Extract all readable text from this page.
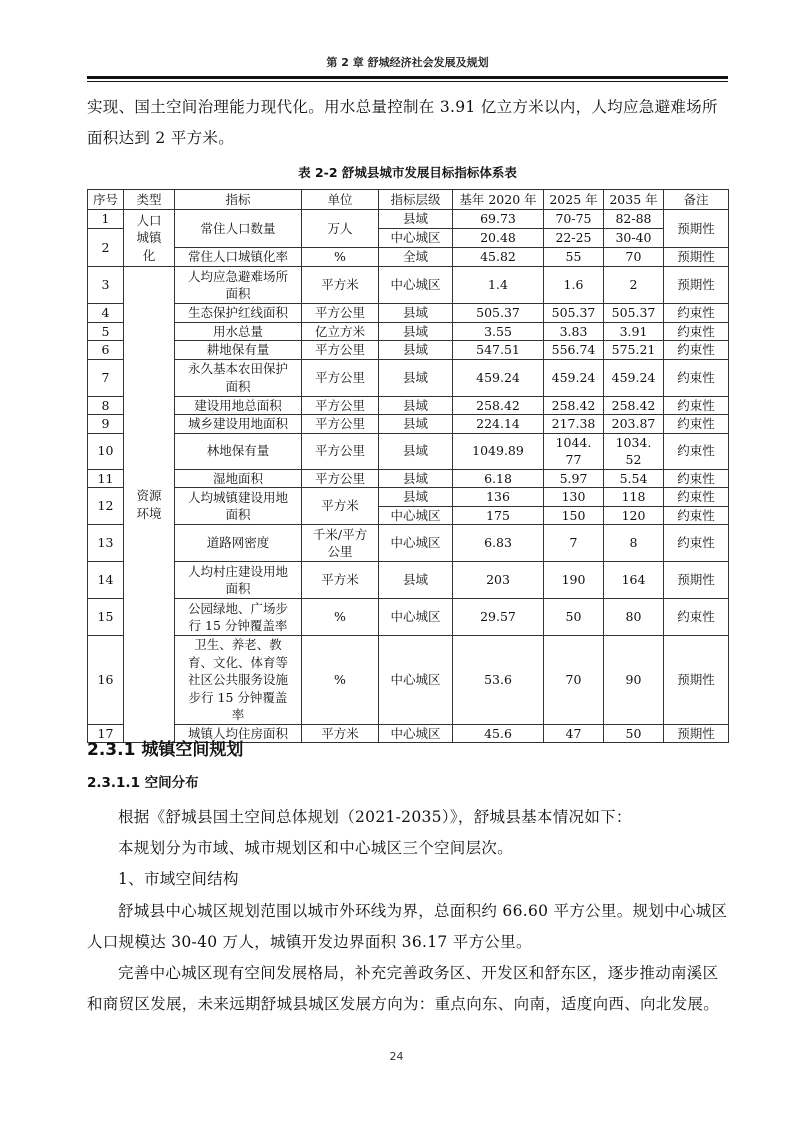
第 2 章 舒城经济社会发展及规划
实现、国土空间治理能力现代化。用水总量控制在 3.91 亿立方米以内，人均应急避难场所
面积达到 2 平方米。
表 2-2 舒城县城市发展目标指标体系表
序号	类型	指标	单位	指标层级	基年 2020 年	2025 年	2035 年	备注
1	人口城镇化	常住人口数量	万人	县域	69.73	70-75	82-88	预期性
2				中心城区	20.48	22-25	30-40	
		常住人口城镇化率	%	全域	45.82	55	70	预期性
3	资源环境	人均应急避难场所面积	平方米	中心城区	1.4	1.6	2	预期性
4		生态保护红线面积	平方公里	县域	505.37	505.37	505.37	约束性
5		用水总量	亿立方米	县域	3.55	3.83	3.91	约束性
6		耕地保有量	平方公里	县域	547.51	556.74	575.21	约束性
7		永久基本农田保护面积	平方公里	县域	459.24	459.24	459.24	约束性
8		建设用地总面积	平方公里	县域	258.42	258.42	258.42	约束性
9		城乡建设用地面积	平方公里	县域	224.14	217.38	203.87	约束性
10		林地保有量	平方公里	县域	1049.89	1044.77	1034.52	约束性
11		湿地面积	平方公里	县域	6.18	5.97	5.54	约束性
12		人均城镇建设用地面积	平方米	县域	136	130	118	约束性
				中心城区	175	150	120	约束性
13		道路网密度	千米/平方公里	中心城区	6.83	7	8	约束性
14		人均村庄建设用地面积	平方米	县域	203	190	164	预期性
15		公园绿地、广场步行 15 分钟覆盖率	%	中心城区	29.57	50	80	约束性
16		卫生、养老、教育、文化、体育等社区公共服务设施步行 15 分钟覆盖率	%	中心城区	53.6	70	90	预期性
17		城镇人均住房面积	平方米	中心城区	45.6	47	50	预期性
2.3.1 城镇空间规划
2.3.1.1 空间分布
根据《舒城县国土空间总体规划（2021-2035）》，舒城县基本情况如下：
本规划分为市域、城市规划区和中心城区三个空间层次。
1、市域空间结构
舒城县中心城区规划范围以城市外环线为界，总面积约 66.60 平方公里。规划中心城区人口规模达 30-40 万人，城镇开发边界面积 36.17 平方公里。
完善中心城区现有空间发展格局，补充完善政务区、开发区和舒东区，逐步推动南溪区和商贸区发展，未来远期舒城县城区发展方向为：重点向东、向南，适度向西、向北发展。
24
